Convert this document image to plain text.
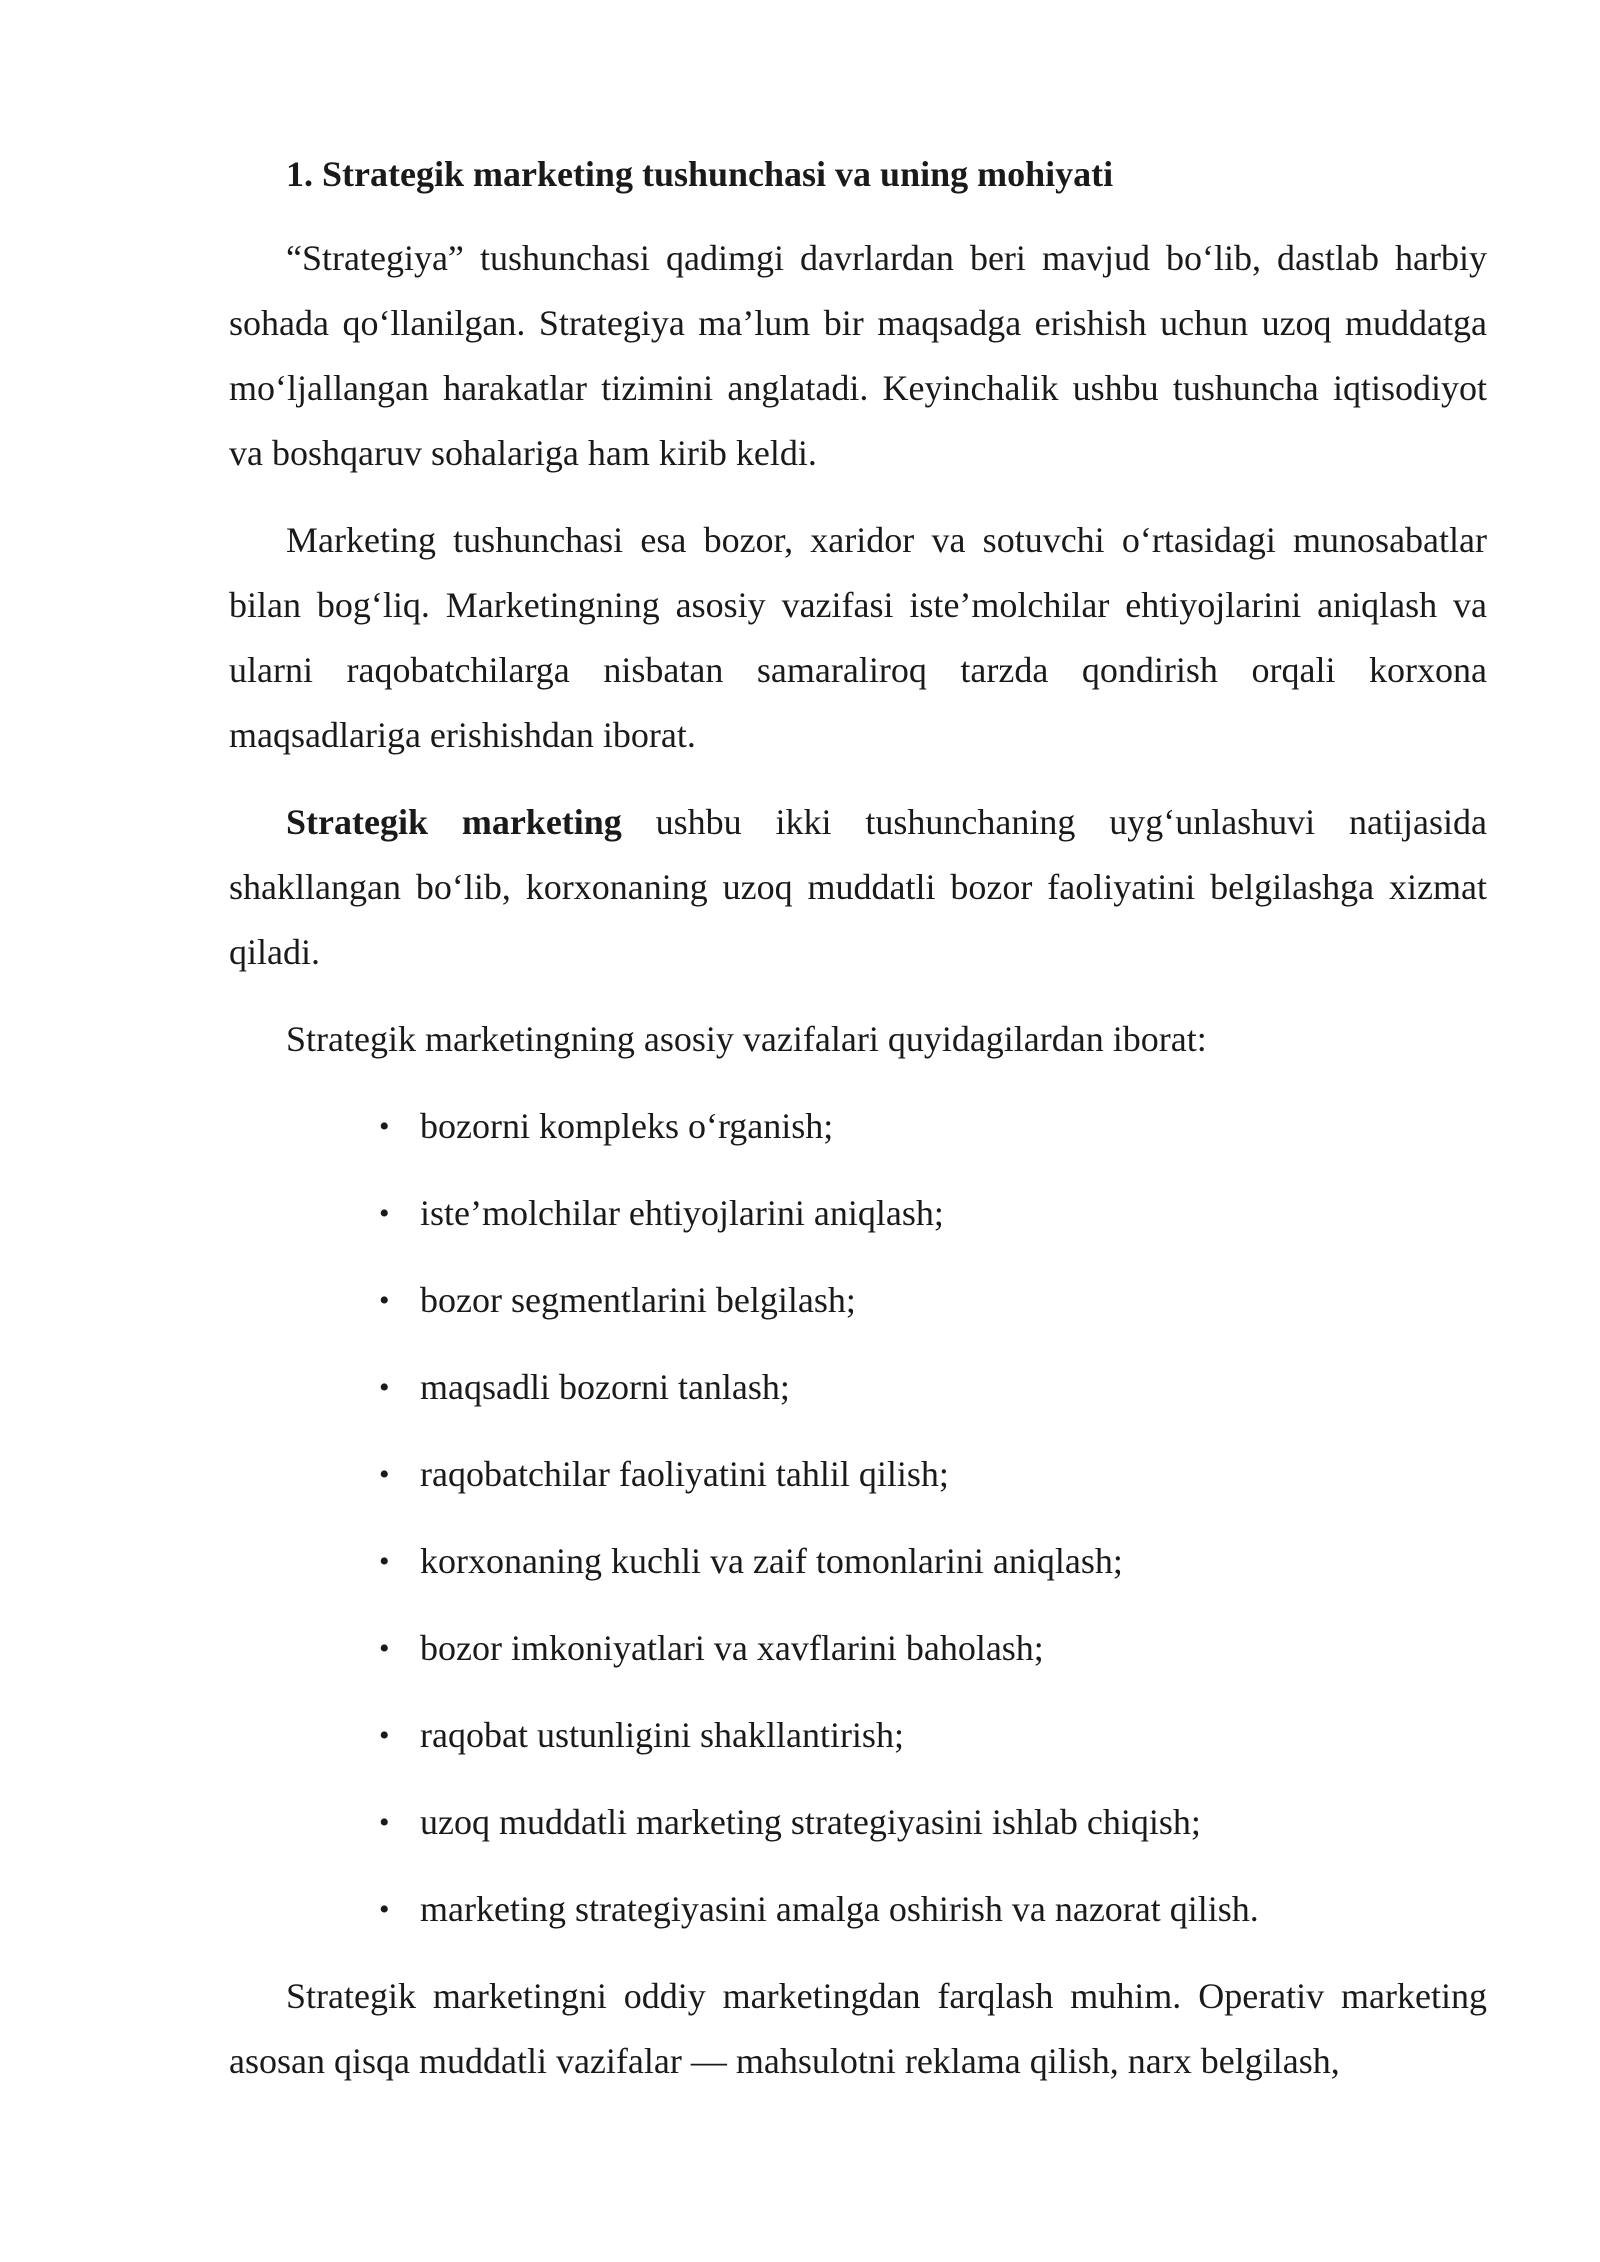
1. Strategik marketing tushunchasi va uning mohiyati

“Strategiya” tushunchasi qadimgi davrlardan beri mavjud bo‘lib, dastlab harbiy sohada qo‘llanilgan. Strategiya ma’lum bir maqsadga erishish uchun uzoq muddatga mo‘ljallangan harakatlar tizimini anglatadi. Keyinchalik ushbu tushuncha iqtisodiyot va boshqaruv sohalariga ham kirib keldi.

Marketing tushunchasi esa bozor, xaridor va sotuvchi o‘rtasidagi munosabatlar bilan bog‘liq. Marketingning asosiy vazifasi iste’molchilar ehtiyojlarini aniqlash va ularni raqobatchilarga nisbatan samaraliroq tarzda qondirish orqali korxona maqsadlariga erishishdan iborat.

Strategik marketing ushbu ikki tushunchaning uyg‘unlashuvi natijasida shakllangan bo‘lib, korxonaning uzoq muddatli bozor faoliyatini belgilashga xizmat qiladi.

Strategik marketingning asosiy vazifalari quyidagilardan iborat:

• bozorni kompleks o‘rganish;
• iste’molchilar ehtiyojlarini aniqlash;
• bozor segmentlarini belgilash;
• maqsadli bozorni tanlash;
• raqobatchilar faoliyatini tahlil qilish;
• korxonaning kuchli va zaif tomonlarini aniqlash;
• bozor imkoniyatlari va xavflarini baholash;
• raqobat ustunligini shakllantirish;
• uzoq muddatli marketing strategiyasini ishlab chiqish;
• marketing strategiyasini amalga oshirish va nazorat qilish.

Strategik marketingni oddiy marketingdan farqlash muhim. Operativ marketing asosan qisqa muddatli vazifalar — mahsulotni reklama qilish, narx belgilash,
